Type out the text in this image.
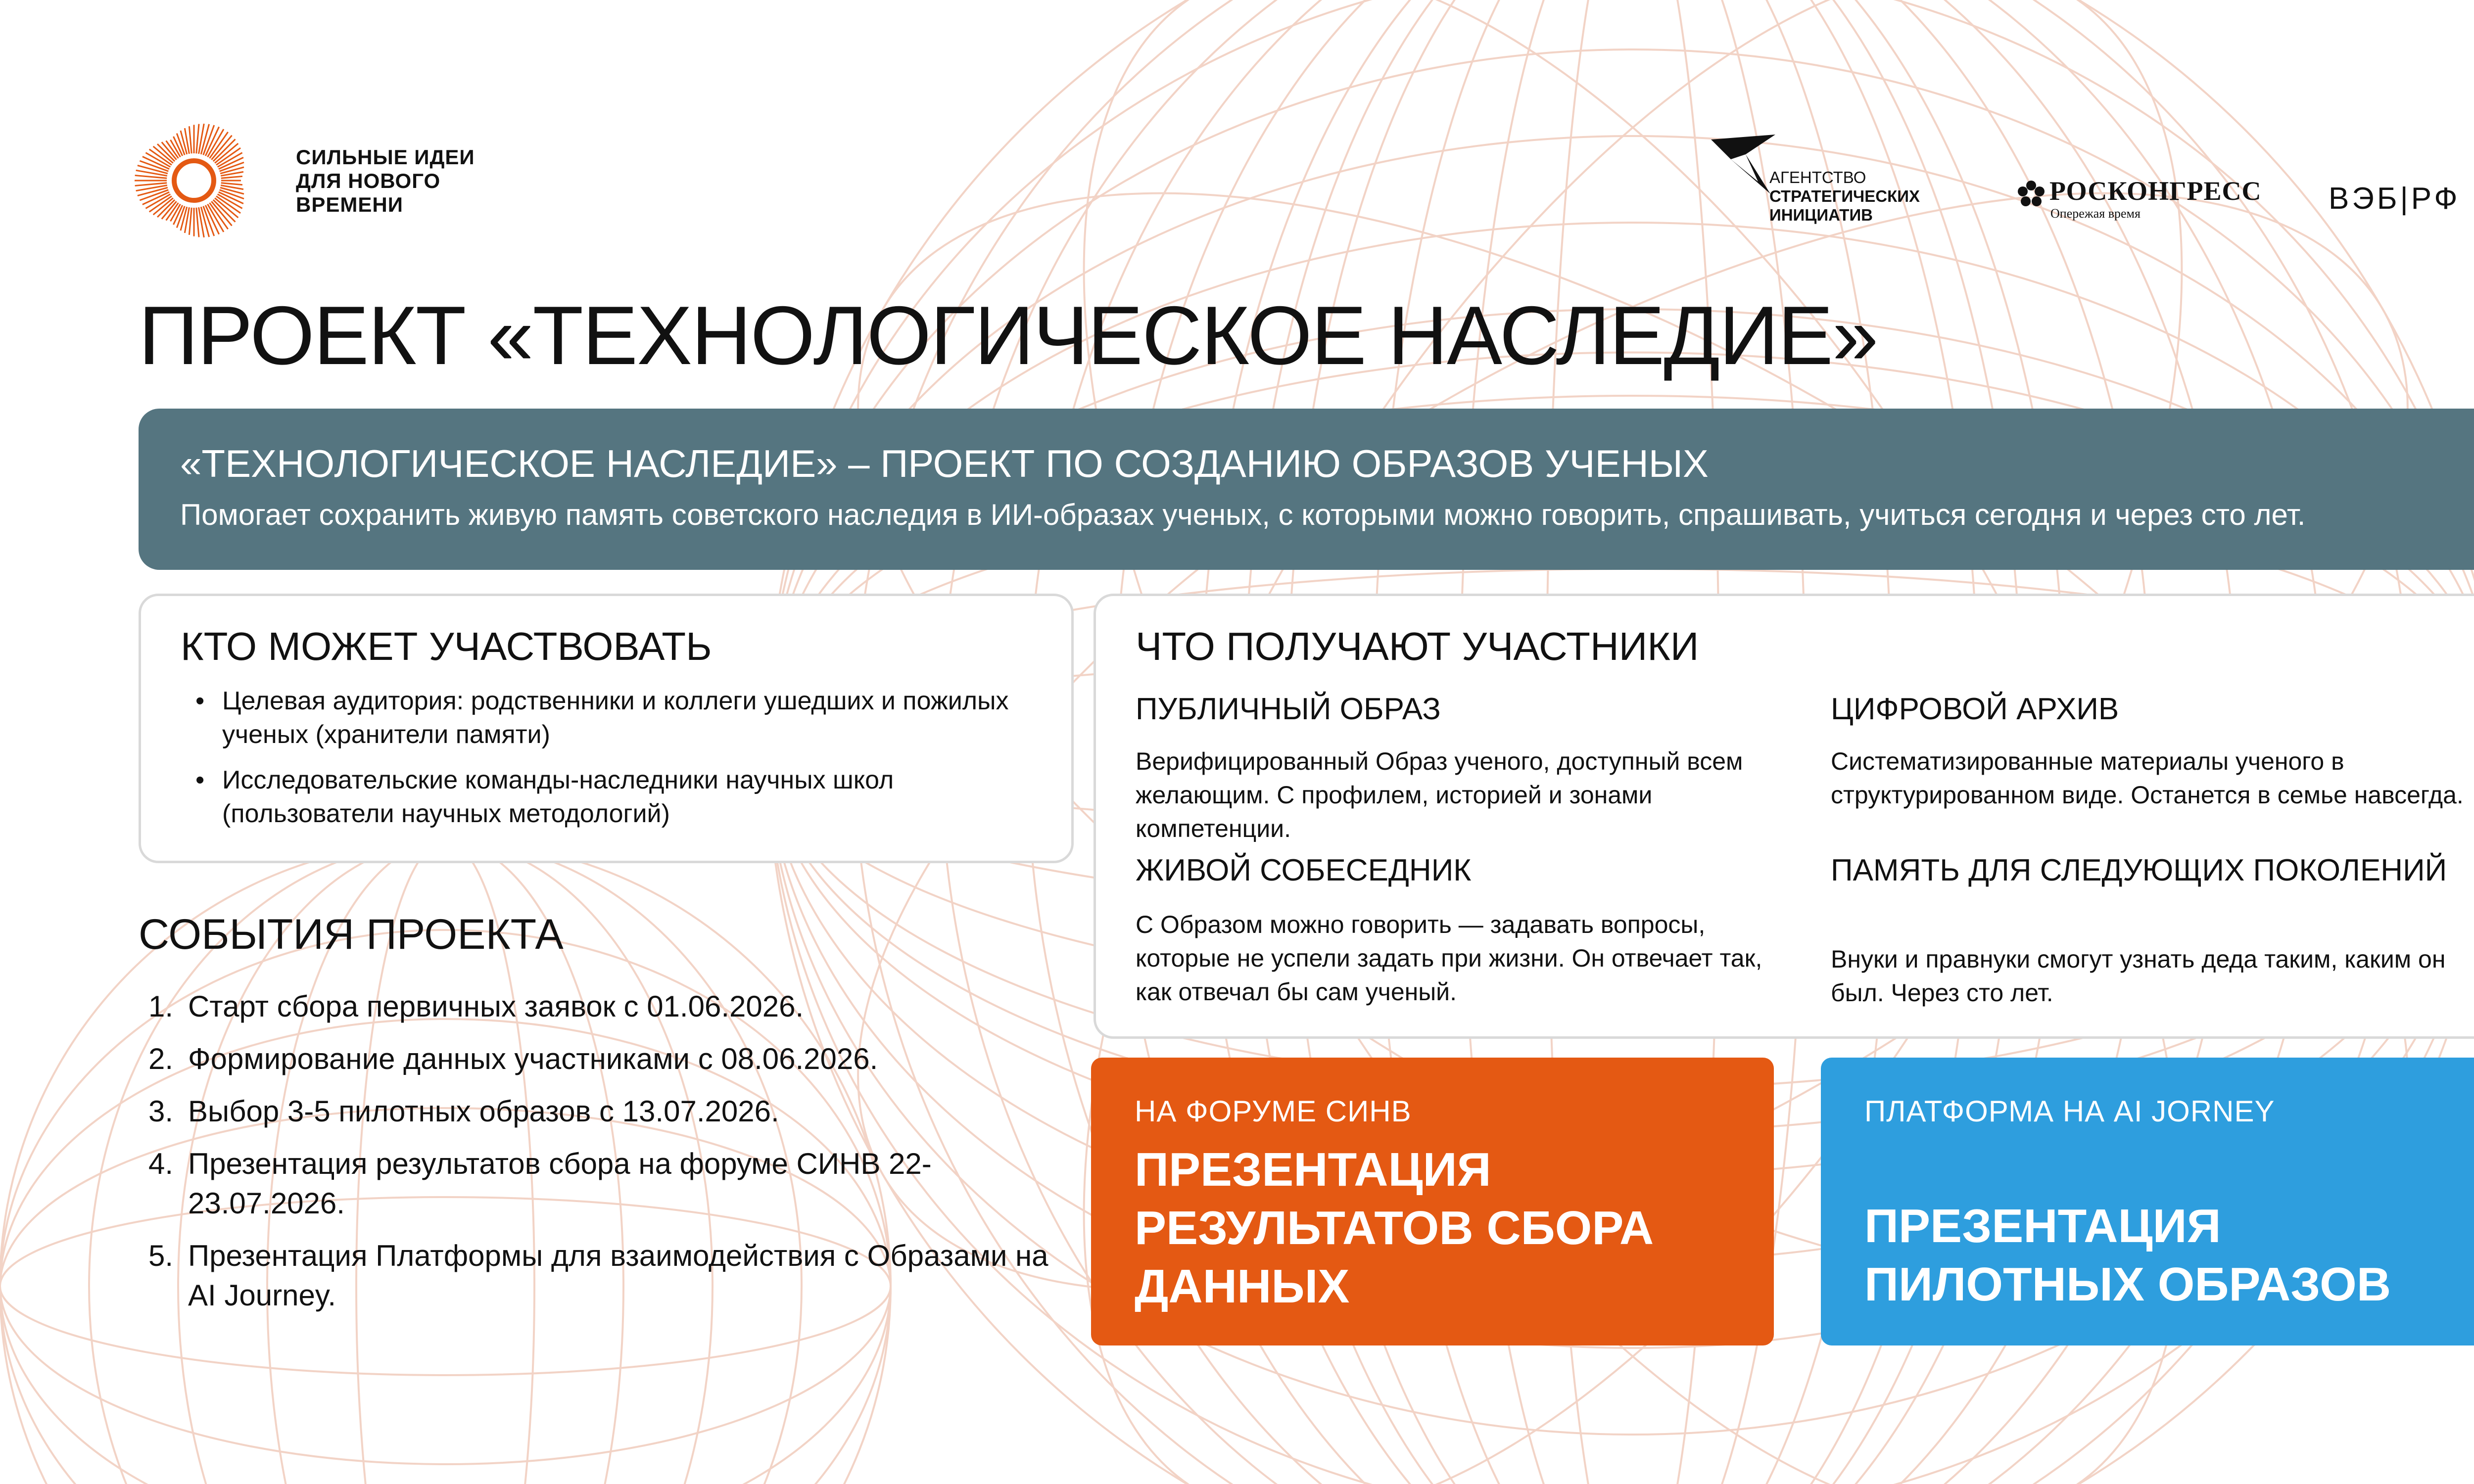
СИЛЬНЫЕ ИДЕИ
ДЛЯ НОВОГО
ВРЕМЕНИ
АГЕНТСТВО
СТРАТЕГИЧЕСКИХ
ИНИЦИАТИВ
РОСКОНГРЕСС
Опережая время	ВЭБ|РФ
ПРОЕКТ «ТЕХНОЛОГИЧЕСКОЕ НАСЛЕДИЕ»
«ТЕХНОЛОГИЧЕСКОЕ НАСЛЕДИЕ» – ПРОЕКТ ПО СОЗДАНИЮ ОБРАЗОВ УЧЕНЫХ
Помогает сохранить живую память советского наследия в ИИ-образах ученых, с которыми можно говорить, спрашивать, учиться сегодня и через сто лет.
КТО МОЖЕТ УЧАСТВОВАТЬ
• Целевая аудитория: родственники и коллеги ушедших и пожилых ученых (хранители памяти)
• Исследовательские команды-наследники научных школ (пользователи научных методологий)
ЧТО ПОЛУЧАЮТ УЧАСТНИКИ
ПУБЛИЧНЫЙ ОБРАЗ
Верифицированный Образ ученого, доступный всем желающим. С профилем, историей и зонами компетенции.
ЦИФРОВОЙ АРХИВ
Систематизированные материалы ученого в структурированном виде. Останется в семье навсегда.
ЖИВОЙ СОБЕСЕДНИК
С Образом можно говорить — задавать вопросы, которые не успели задать при жизни. Он отвечает так, как отвечал бы сам ученый.
ПАМЯТЬ ДЛЯ СЛЕДУЮЩИХ ПОКОЛЕНИЙ
Внуки и правнуки смогут узнать деда таким, каким он был. Через сто лет.
СОБЫТИЯ ПРОЕКТА
1. Старт сбора первичных заявок с 01.06.2026.
2. Формирование данных участниками с 08.06.2026.
3. Выбор 3-5 пилотных образов с 13.07.2026.
4. Презентация результатов сбора на форуме СИНВ 22-23.07.2026.
5. Презентация Платформы для взаимодействия с Образами на AI Journey.
НА ФОРУМЕ СИНВ
ПРЕЗЕНТАЦИЯ
РЕЗУЛЬТАТОВ СБОРА
ДАННЫХ
ПЛАТФОРМА НА AI JORNEY
ПРЕЗЕНТАЦИЯ
ПИЛОТНЫХ ОБРАЗОВ
